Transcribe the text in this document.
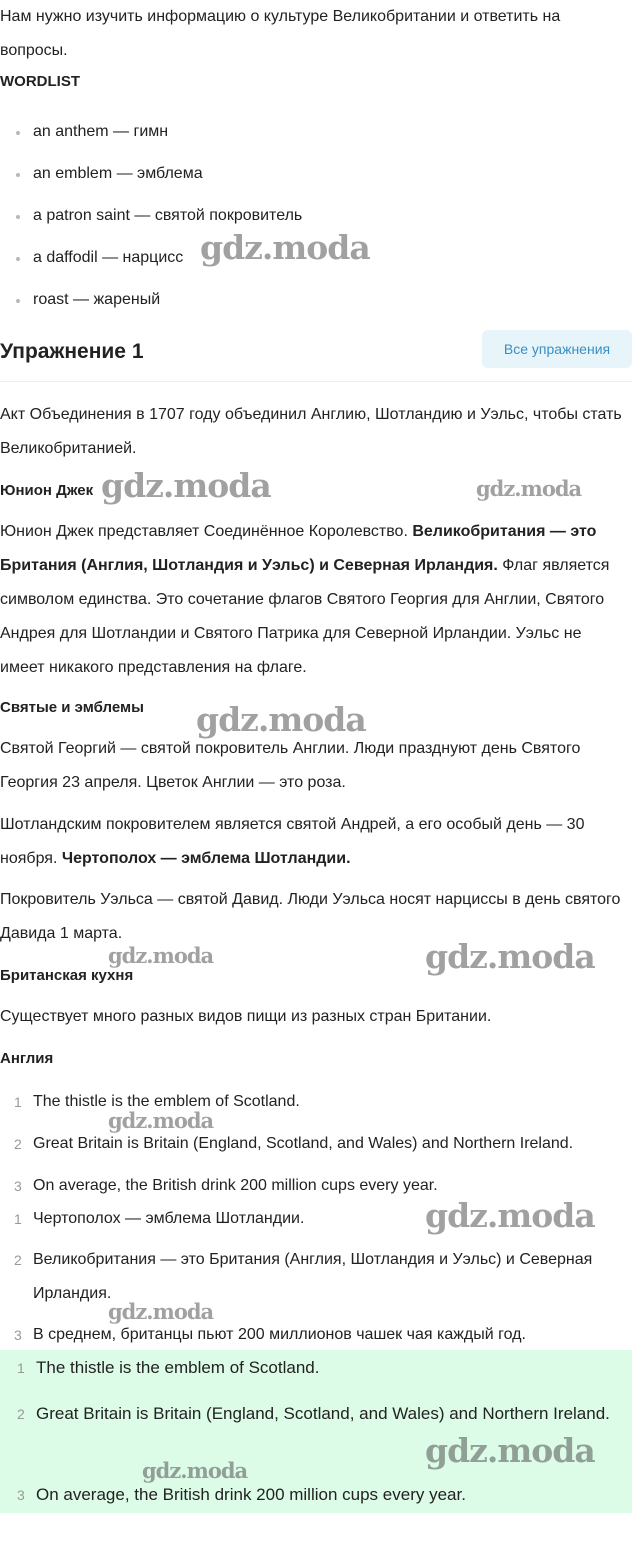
Нам нужно изучить информацию о культуре Великобритании и ответить на вопросы.

WORDLIST
an anthem — гимн
an emblem — эмблема
a patron saint — святой покровитель
a daffodil — нарцисс
roast — жареный
Упражнение 1	Все упражнения

Акт Объединения в 1707 году объединил Англию, Шотландию и Уэльс, чтобы стать Великобританией.

Юнион Джек

Юнион Джек представляет Соединённое Королевство. Великобритания — это Британия (Англия, Шотландия и Уэльс) и Северная Ирландия. Флаг является символом единства. Это сочетание флагов Святого Георгия для Англии, Святого Андрея для Шотландии и Святого Патрика для Северной Ирландии. Уэльс не имеет никакого представления на флаге.

Святые и эмблемы

Святой Георгий — святой покровитель Англии. Люди празднуют день Святого Георгия 23 апреля. Цветок Англии — это роза.

Шотландским покровителем является святой Андрей, а его особый день — 30 ноября. Чертополох — эмблема Шотландии.

Покровитель Уэльса — святой Давид. Люди Уэльса носят нарциссы в день святого Давида 1 марта.

Британская кухня

Существует много разных видов пищи из разных стран Британии.

Англия
1 The thistle is the emblem of Scotland.
2 Great Britain is Britain (England, Scotland, and Wales) and Northern Ireland.
3 On average, the British drink 200 million cups every year.
1 Чертополох — эмблема Шотландии.
2 Великобритания — это Британия (Англия, Шотландия и Уэльс) и Северная Ирландия.
3 В среднем, британцы пьют 200 миллионов чашек чая каждый год.
1 The thistle is the emblem of Scotland.
2 Great Britain is Britain (England, Scotland, and Wales) and Northern Ireland.
3 On average, the British drink 200 million cups every year.
gdz.moda
gdz.moda	gdz.moda
gdz.moda
gdz.moda	gdz.moda
gdz.moda
gdz.moda
gdz.moda
gdz.moda
gdz.moda
